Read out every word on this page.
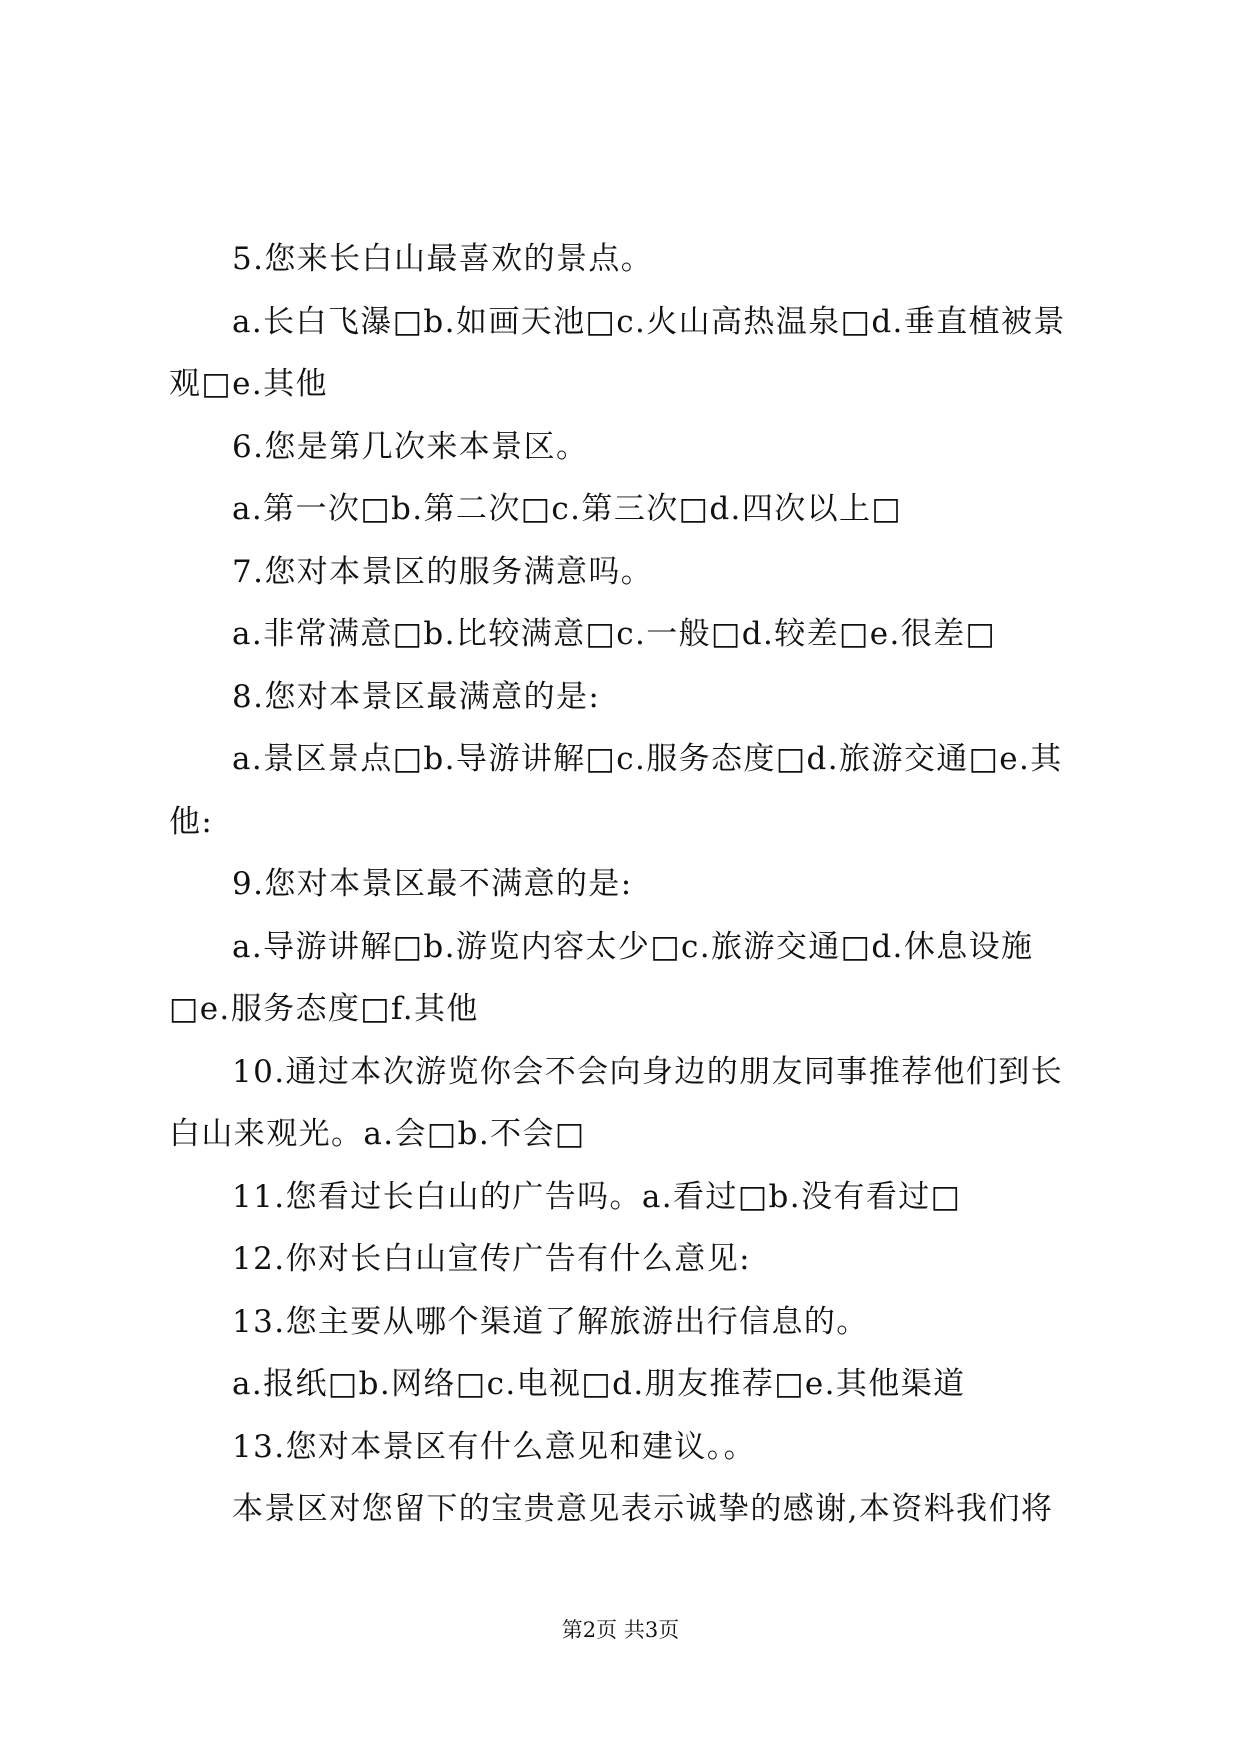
5.您来长白山最喜欢的景点。
a.长白飞瀑□b.如画天池□c.火山高热温泉□d.垂直植被景
观□e.其他
6.您是第几次来本景区。
a.第一次□b.第二次□c.第三次□d.四次以上□
7.您对本景区的服务满意吗。
a.非常满意□b.比较满意□c.一般□d.较差□e.很差□
8.您对本景区最满意的是:
a.景区景点□b.导游讲解□c.服务态度□d.旅游交通□e.其
他:
9.您对本景区最不满意的是:
a.导游讲解□b.游览内容太少□c.旅游交通□d.休息设施
□e.服务态度□f.其他
10.通过本次游览你会不会向身边的朋友同事推荐他们到长
白山来观光。a.会□b.不会□
11.您看过长白山的广告吗。a.看过□b.没有看过□
12.你对长白山宣传广告有什么意见:
13.您主要从哪个渠道了解旅游出行信息的。
a.报纸□b.网络□c.电视□d.朋友推荐□e.其他渠道
13.您对本景区有什么意见和建议。。
本景区对您留下的宝贵意见表示诚挚的感谢,本资料我们将
第2页 共3页
